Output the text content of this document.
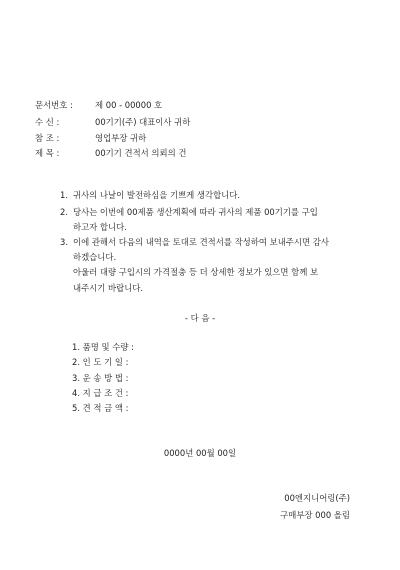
문서번호 :	제 00 - 00000 호
수 신 :	00기기(주) 대표이사 귀하
참 조 :	영업부장 귀하
제 목 :	00기기 견적서 의뢰의 건
1. 귀사의 나날이 발전하심을 기쁘게 생각합니다.
2. 당사는 이번에 00제품 생산계획에 따라 귀사의 제품 00기기를 구입
하고자 합니다.
3. 이에 관해서 다음의 내역을 토대로 견적서를 작성하여 보내주시면 감사
하겠습니다.
아울러 대량 구입시의 가격절충 등 더 상세한 정보가 있으면 함께 보
내주시기 바랍니다.
- 다 음 -
1. 품명 및 수량 :
2. 인 도 기 일 :
3. 운 송 방 법 :
4. 지 급 조 건 :
5. 견 적 금 액 :
0000년 00월 00일
00엔지니어링(주)
구매부장 000 올림
